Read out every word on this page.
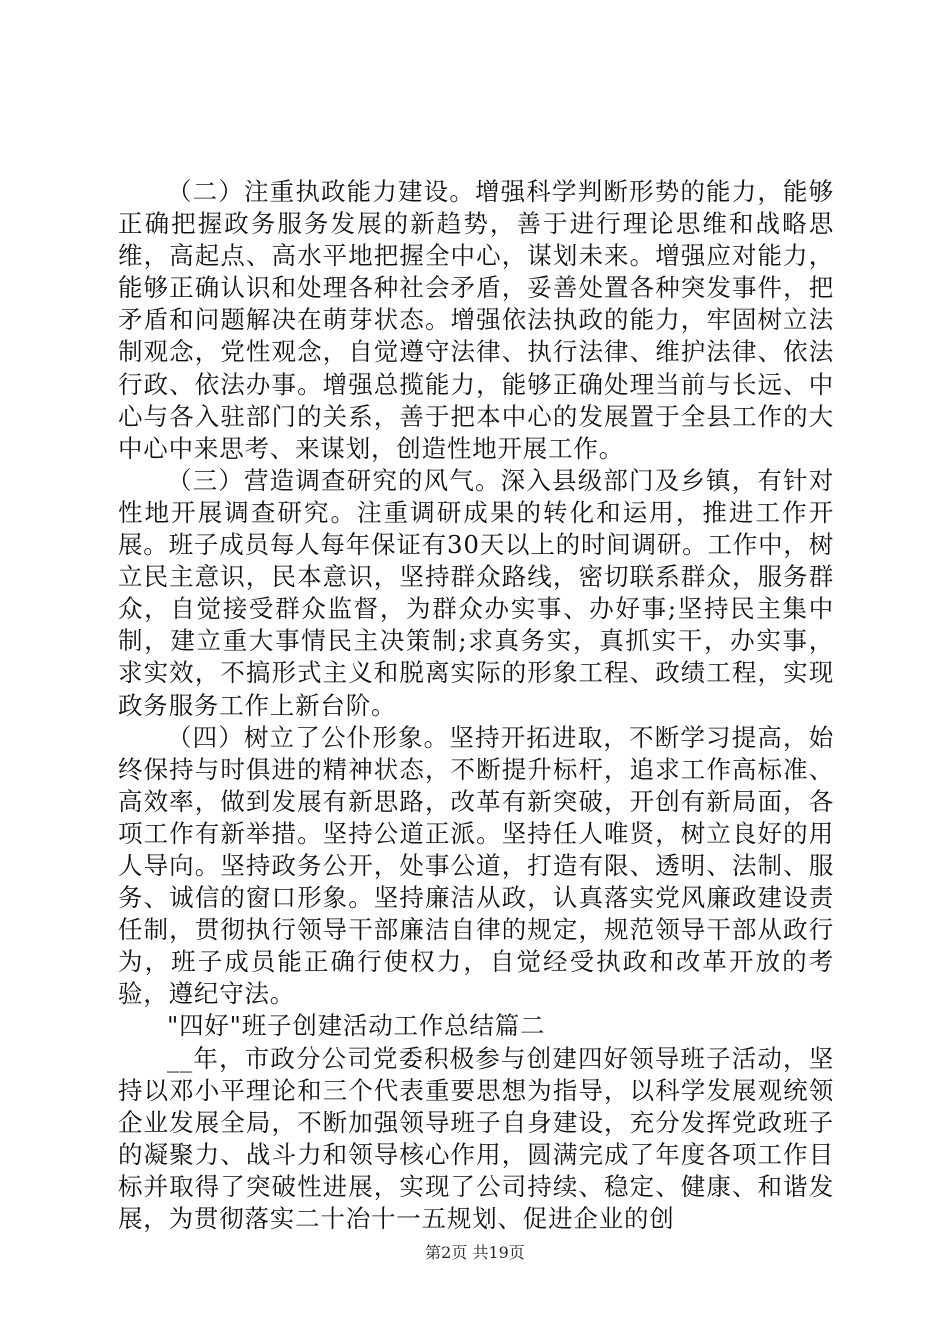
（二）注重执政能力建设。增强科学判断形势的能力，能够正确把握政务服务发展的新趋势，善于进行理论思维和战略思维，高起点、高水平地把握全中心，谋划未来。增强应对能力，能够正确认识和处理各种社会矛盾，妥善处置各种突发事件，把矛盾和问题解决在萌芽状态。增强依法执政的能力，牢固树立法制观念，党性观念，自觉遵守法律、执行法律、维护法律、依法行政、依法办事。增强总揽能力，能够正确处理当前与长远、中心与各入驻部门的关系，善于把本中心的发展置于全县工作的大中心中来思考、来谋划，创造性地开展工作。

（三）营造调查研究的风气。深入县级部门及乡镇，有针对性地开展调查研究。注重调研成果的转化和运用，推进工作开展。班子成员每人每年保证有30天以上的时间调研。工作中，树立民主意识，民本意识，坚持群众路线，密切联系群众，服务群众，自觉接受群众监督，为群众办实事、办好事;坚持民主集中制，建立重大事情民主决策制;求真务实，真抓实干，办实事，求实效，不搞形式主义和脱离实际的形象工程、政绩工程，实现政务服务工作上新台阶。

（四）树立了公仆形象。坚持开拓进取，不断学习提高，始终保持与时俱进的精神状态，不断提升标杆，追求工作高标准、高效率，做到发展有新思路，改革有新突破，开创有新局面，各项工作有新举措。坚持公道正派。坚持任人唯贤，树立良好的用人导向。坚持政务公开，处事公道，打造有限、透明、法制、服务、诚信的窗口形象。坚持廉洁从政，认真落实党风廉政建设责任制，贯彻执行领导干部廉洁自律的规定，规范领导干部从政行为，班子成员能正确行使权力，自觉经受执政和改革开放的考验，遵纪守法。

"四好"班子创建活动工作总结篇二

__年，市政分公司党委积极参与创建四好领导班子活动，坚持以邓小平理论和三个代表重要思想为指导，以科学发展观统领企业发展全局，不断加强领导班子自身建设，充分发挥党政班子的凝聚力、战斗力和领导核心作用，圆满完成了年度各项工作目标并取得了突破性进展，实现了公司持续、稳定、健康、和谐发展，为贯彻落实二十冶十一五规划、促进企业的创

第2页 共19页
